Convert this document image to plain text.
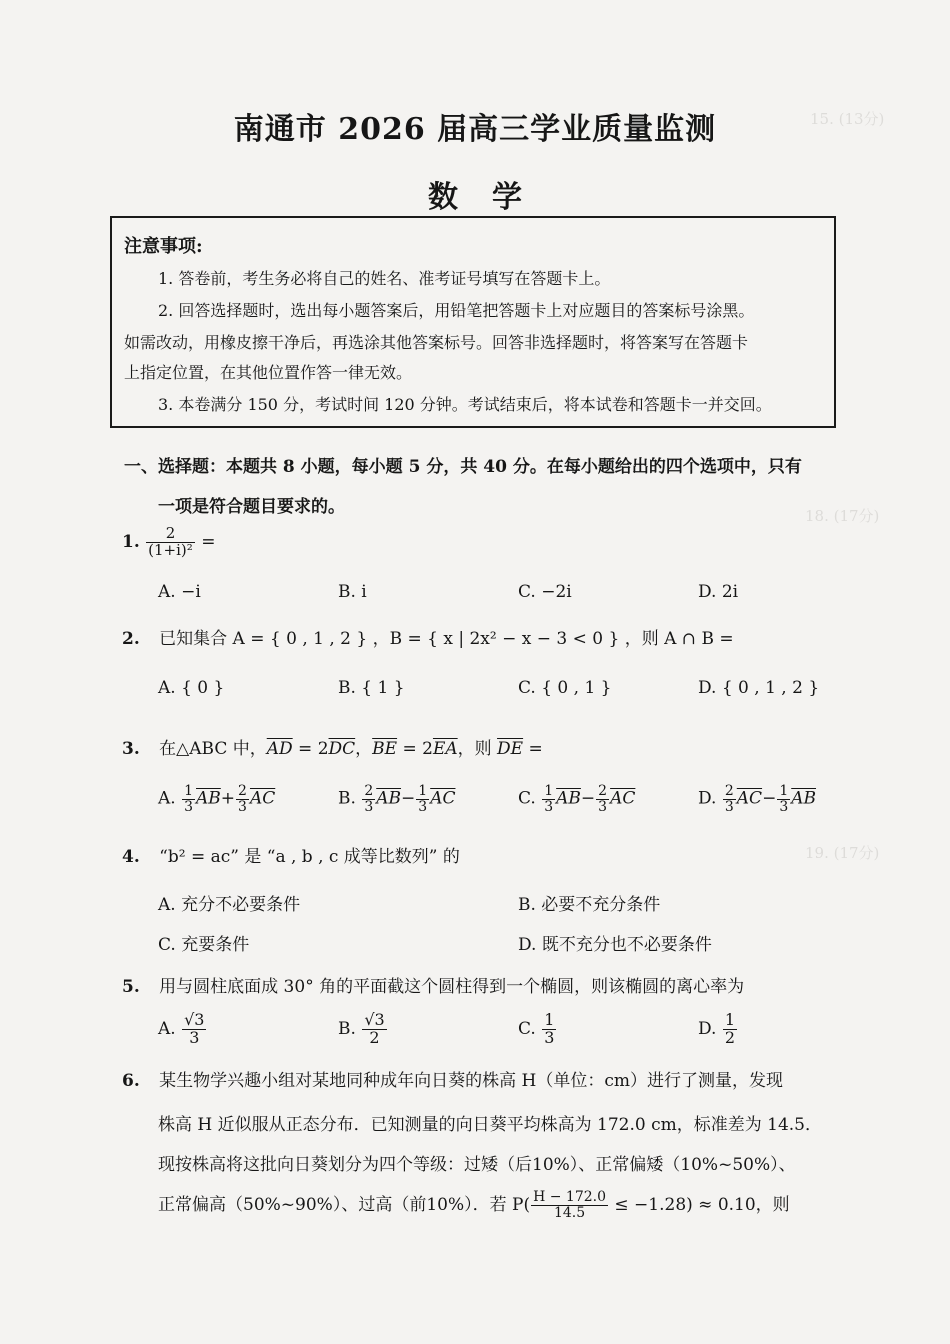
15. (13分)
18. (17分)
19. (17分)
南通市 2026 届高三学业质量监测
数学
注意事项:
1. 答卷前，考生务必将自己的姓名、准考证号填写在答题卡上。
2. 回答选择题时，选出每小题答案后，用铅笔把答题卡上对应题目的答案标号涂黑。
如需改动，用橡皮擦干净后，再选涂其他答案标号。回答非选择题时，将答案写在答题卡
上指定位置，在其他位置作答一律无效。
3. 本卷满分 150 分，考试时间 120 分钟。考试结束后，将本试卷和答题卡一并交回。
一、选择题：本题共 8 小题，每小题 5 分，共 40 分。在每小题给出的四个选项中，只有
一项是符合题目要求的。
1. $\frac{2}{\text{(1+i)²}}$ =
A. −i	B. i	C. −2i	D. 2i
2. 已知集合 A = { 0 , 1 , 2 } ，B = { x | 2x² − x − 3 < 0 } ，则 A ∩ B =
A. { 0 }	B. { 1 }	C. { 0 , 1 }	D. { 0 , 1 , 2 }
3. 在△ABC 中，$\overline{AD} = 2\overline{DC}$，$\overline{BE} = 2\overline{EA}$，则 $\overline{DE}$ =
A. $\frac{1}{3} \overline{AB}+ \frac{2}{3} \overline{AC}$	B. $\frac{2}{3} \overline{AB}- \frac{1}{3} \overline{AC}$	C. $\frac{1}{3} \overline{AB}- \frac{2}{3} \overline{AC}$	D. $\frac{2}{3} \overline{AC}- \frac{1}{3} \overline{AB}$
4. “b² = ac” 是 “a , b , c 成等比数列” 的
A. 充分不必要条件	B. 必要不充分条件
C. 充要条件	D. 既不充分也不必要条件
5. 用与圆柱底面成 30° 角的平面截这个圆柱得到一个椭圆，则该椭圆的离心率为
A. $\frac{√3}{3}$	B. $\frac{√3}{2}$	C. $\frac{1}{3}$	D. $\frac{1}{2}$
6. 某生物学兴趣小组对某地同种成年向日葵的株高 H（单位：cm）进行了测量，发现
株高 H 近似服从正态分布．已知测量的向日葵平均株高为 172.0 cm，标准差为 14.5．
现按株高将这批向日葵划分为四个等级：过矮（后10%）、正常偏矮（10%~50%）、
正常偏高（50%~90%）、过高（前10%）．若 $P( \frac{H - 172.0}{14.5} \le -1.28) \approx 0.10$，则
